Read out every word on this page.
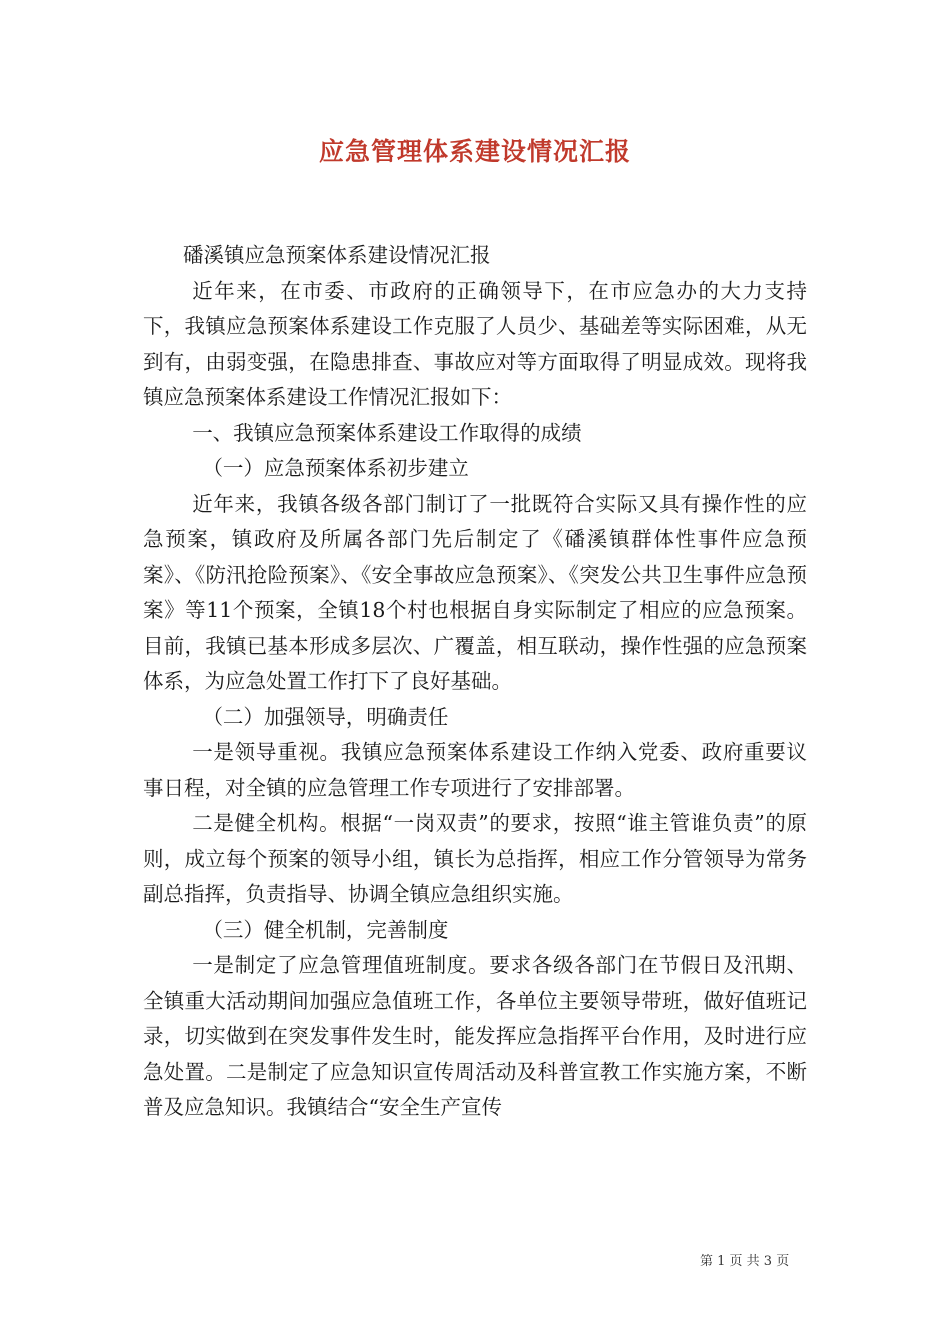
应急管理体系建设情况汇报

磻溪镇应急预案体系建设情况汇报

近年来，在市委、市政府的正确领导下，在市应急办的大力支持下，我镇应急预案体系建设工作克服了人员少、基础差等实际困难，从无到有，由弱变强，在隐患排查、事故应对等方面取得了明显成效。现将我镇应急预案体系建设工作情况汇报如下：

一、我镇应急预案体系建设工作取得的成绩

（一）应急预案体系初步建立

近年来，我镇各级各部门制订了一批既符合实际又具有操作性的应急预案，镇政府及所属各部门先后制定了《磻溪镇群体性事件应急预案》、《防汛抢险预案》、《安全事故应急预案》、《突发公共卫生事件应急预案》等11个预案，全镇18个村也根据自身实际制定了相应的应急预案。目前，我镇已基本形成多层次、广覆盖，相互联动，操作性强的应急预案体系，为应急处置工作打下了良好基础。

（二）加强领导，明确责任

一是领导重视。我镇应急预案体系建设工作纳入党委、政府重要议事日程，对全镇的应急管理工作专项进行了安排部署。

二是健全机构。根据“一岗双责”的要求，按照“谁主管谁负责”的原则，成立每个预案的领导小组，镇长为总指挥，相应工作分管领导为常务副总指挥，负责指导、协调全镇应急组织实施。

（三）健全机制，完善制度

一是制定了应急管理值班制度。要求各级各部门在节假日及汛期、全镇重大活动期间加强应急值班工作，各单位主要领导带班，做好值班记录，切实做到在突发事件发生时，能发挥应急指挥平台作用，及时进行应急处置。二是制定了应急知识宣传周活动及科普宣教工作实施方案，不断普及应急知识。我镇结合“安全生产宣传

第 1 页 共 3 页
